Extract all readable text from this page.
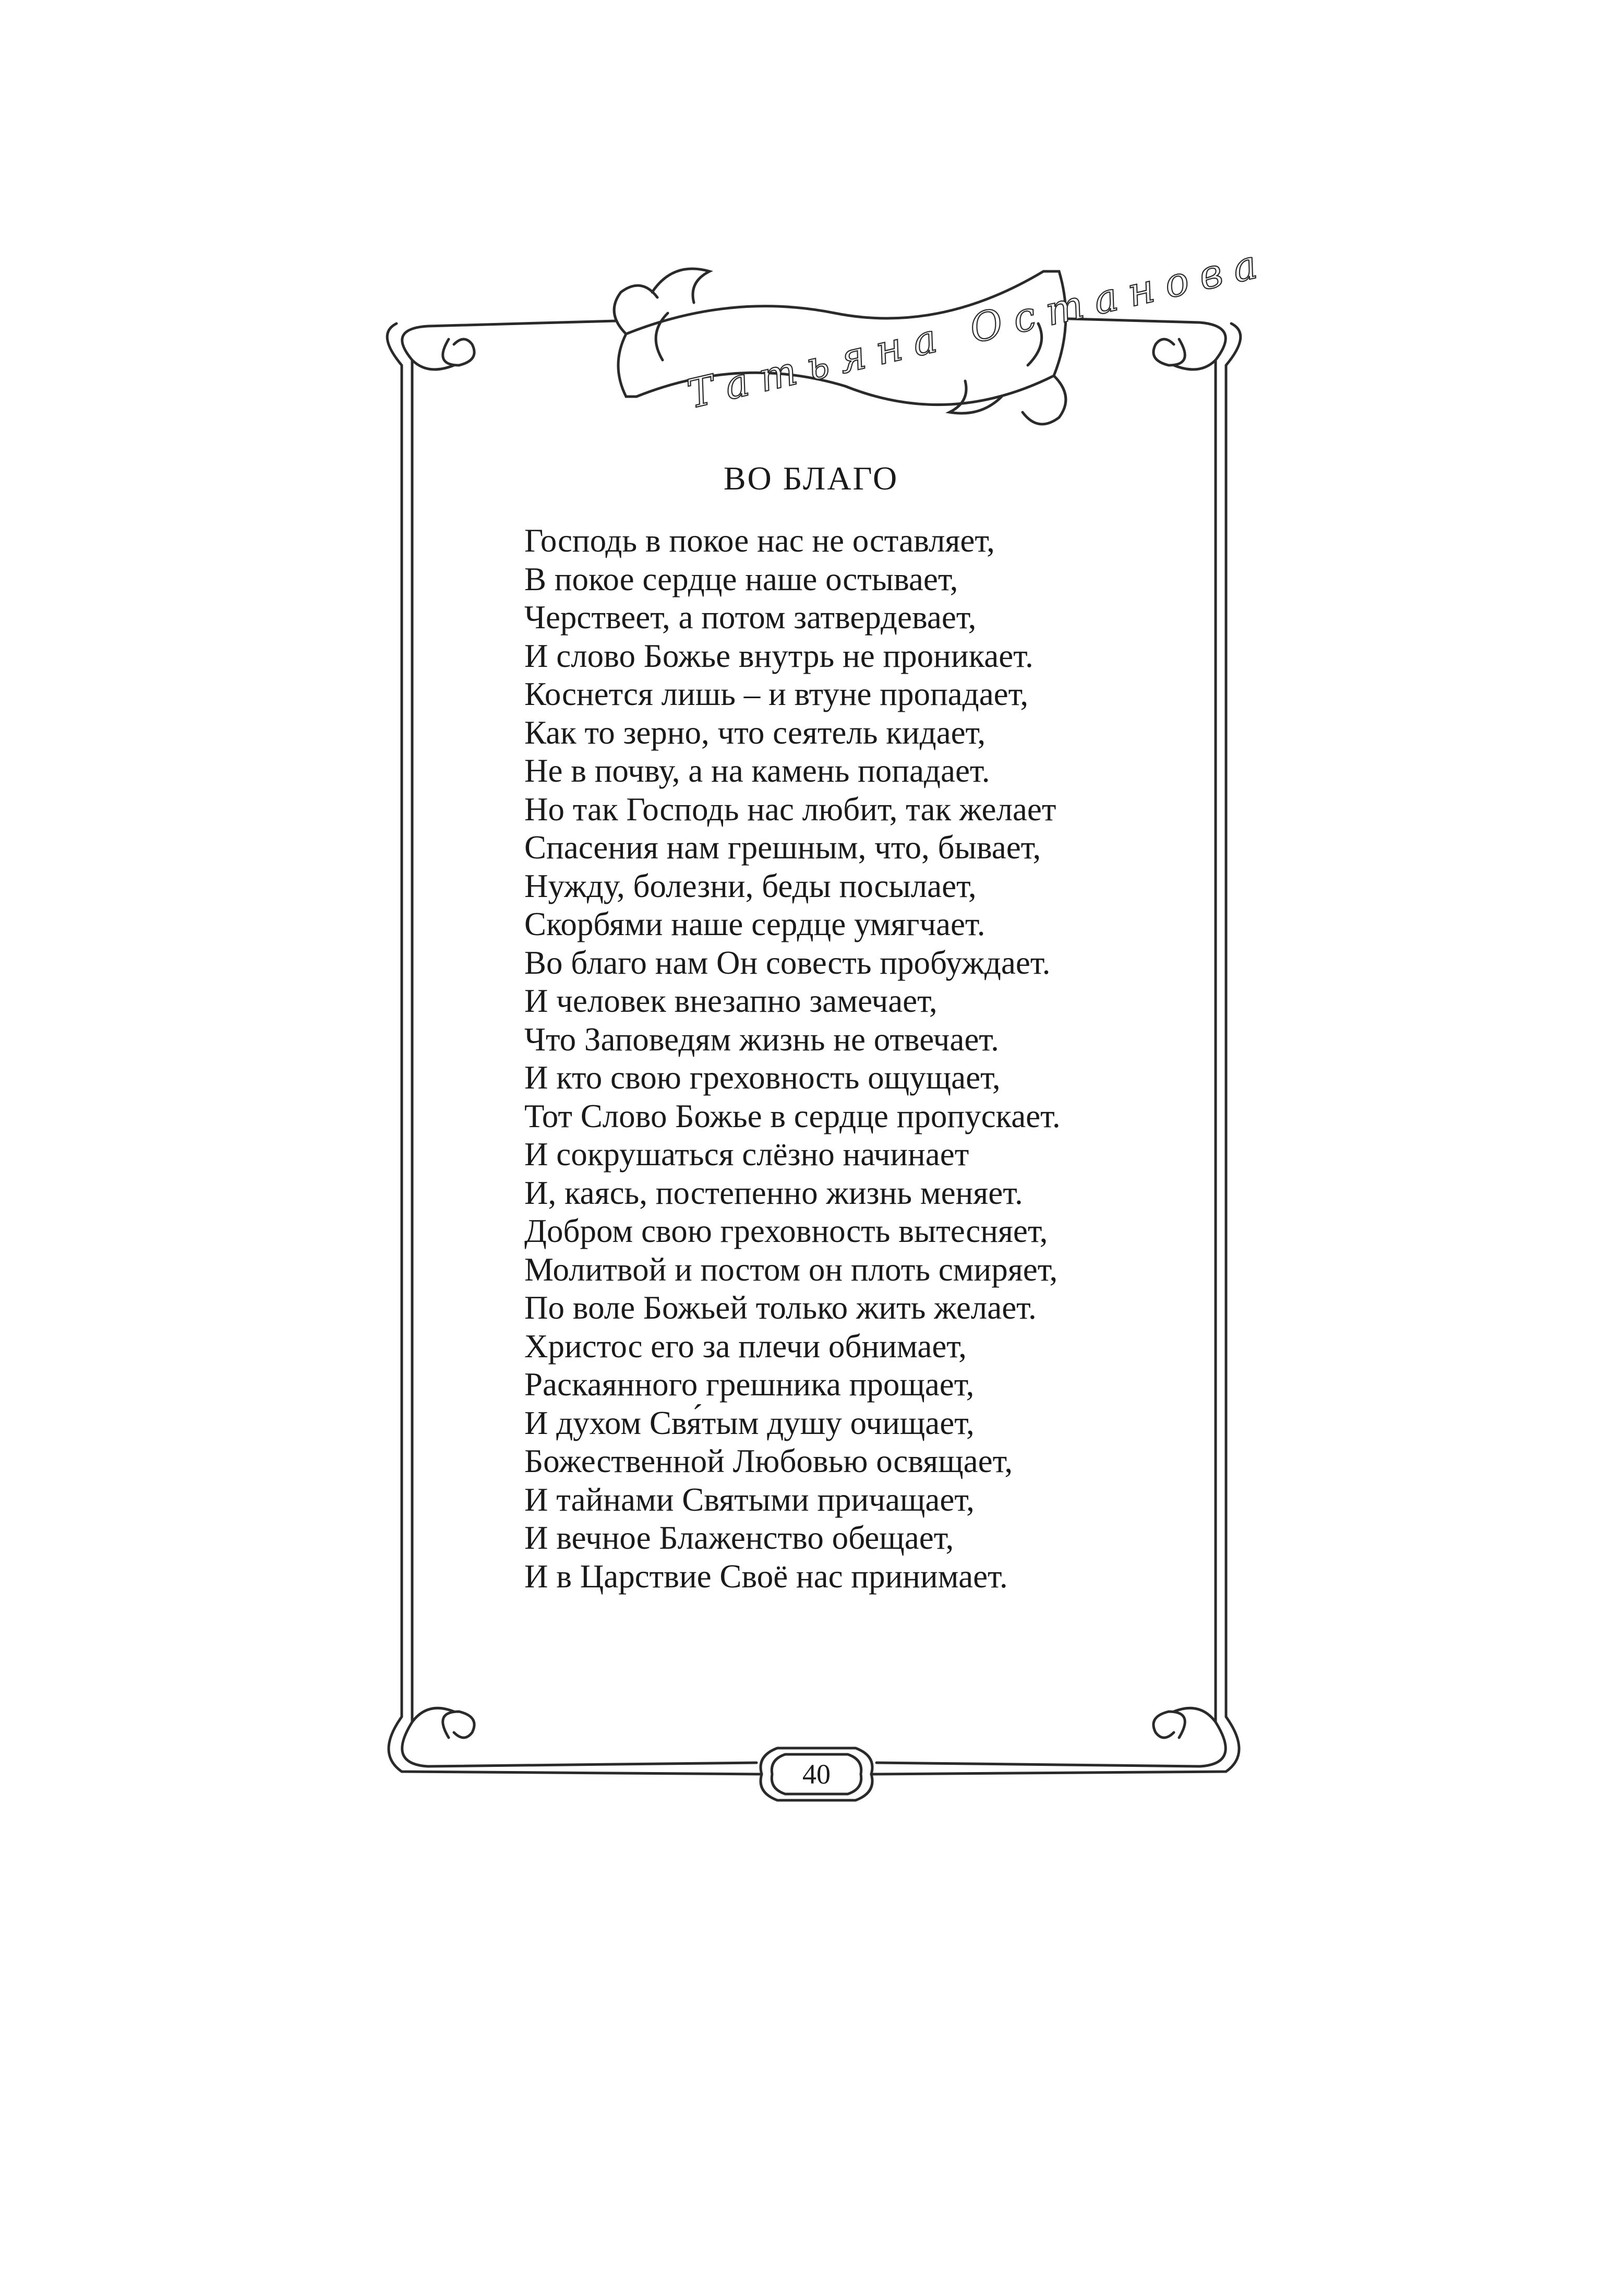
Татьяна Останова
40
ВО БЛАГО
Господь в покое нас не оставляет,
В покое сердце наше остывает,
Черствеет, а потом затвердевает,
И слово Божье внутрь не проникает.
Коснется лишь – и втуне пропадает,
Как то зерно, что сеятель кидает,
Не в почву, а на камень попадает.
Но так Господь нас любит, так желает
Спасения нам грешным, что, бывает,
Нужду, болезни, беды посылает,
Скорбями наше сердце умягчает.
Во благо нам Он совесть пробуждает.
И человек внезапно замечает,
Что Заповедям жизнь не отвечает.
И кто свою греховность ощущает,
Тот Слово Божье в сердце пропускает.
И сокрушаться слёзно начинает
И, каясь, постепенно жизнь меняет.
Добром свою греховность вытесняет,
Молитвой и постом он плоть смиряет,
По воле Божьей только жить желает.
Христос его за плечи обнимает,
Раскаянного грешника прощает,
И духом Свя́тым душу очищает,
Божественной Любовью освящает,
И тайнами Святыми причащает,
И вечное Блаженство обещает,
И в Царствие Своё нас принимает.
